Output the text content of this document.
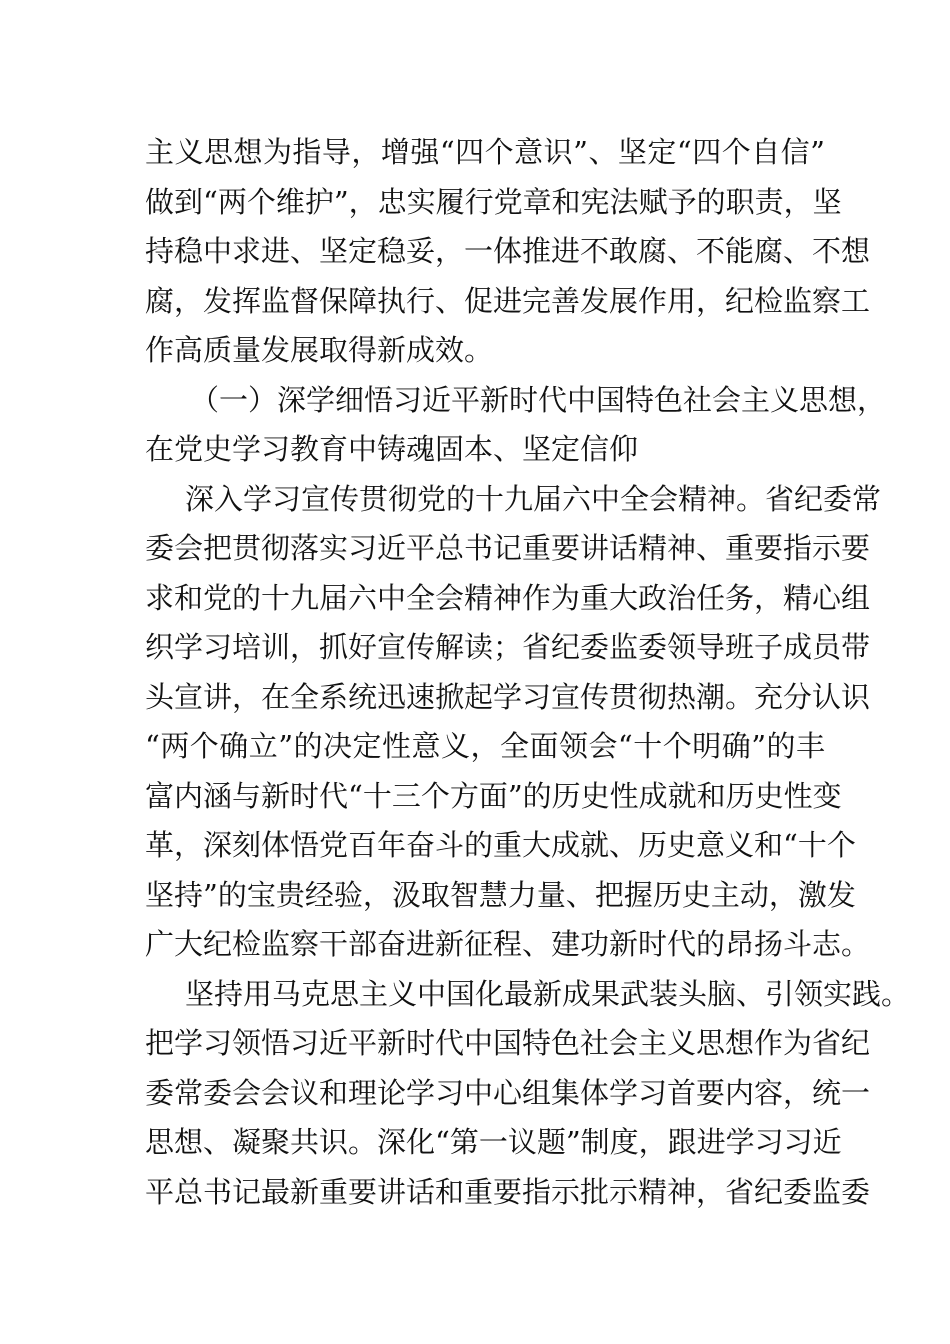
主义思想为指导，增强“四个意识”、坚定“四个自信”
做到“两个维护”，忠实履行党章和宪法赋予的职责，坚
持稳中求进、坚定稳妥，一体推进不敢腐、不能腐、不想
腐，发挥监督保障执行、促进完善发展作用，纪检监察工
作高质量发展取得新成效。
（一）深学细悟习近平新时代中国特色社会主义思想，
在党史学习教育中铸魂固本、坚定信仰
深入学习宣传贯彻党的十九届六中全会精神。省纪委常
委会把贯彻落实习近平总书记重要讲话精神、重要指示要
求和党的十九届六中全会精神作为重大政治任务，精心组
织学习培训，抓好宣传解读；省纪委监委领导班子成员带
头宣讲，在全系统迅速掀起学习宣传贯彻热潮。充分认识
“两个确立”的决定性意义，全面领会“十个明确”的丰
富内涵与新时代“十三个方面”的历史性成就和历史性变
革，深刻体悟党百年奋斗的重大成就、历史意义和“十个
坚持”的宝贵经验，汲取智慧力量、把握历史主动，激发
广大纪检监察干部奋进新征程、建功新时代的昂扬斗志。
坚持用马克思主义中国化最新成果武装头脑、引领实践。
把学习领悟习近平新时代中国特色社会主义思想作为省纪
委常委会会议和理论学习中心组集体学习首要内容，统一
思想、凝聚共识。深化“第一议题”制度，跟进学习习近
平总书记最新重要讲话和重要指示批示精神，省纪委监委
